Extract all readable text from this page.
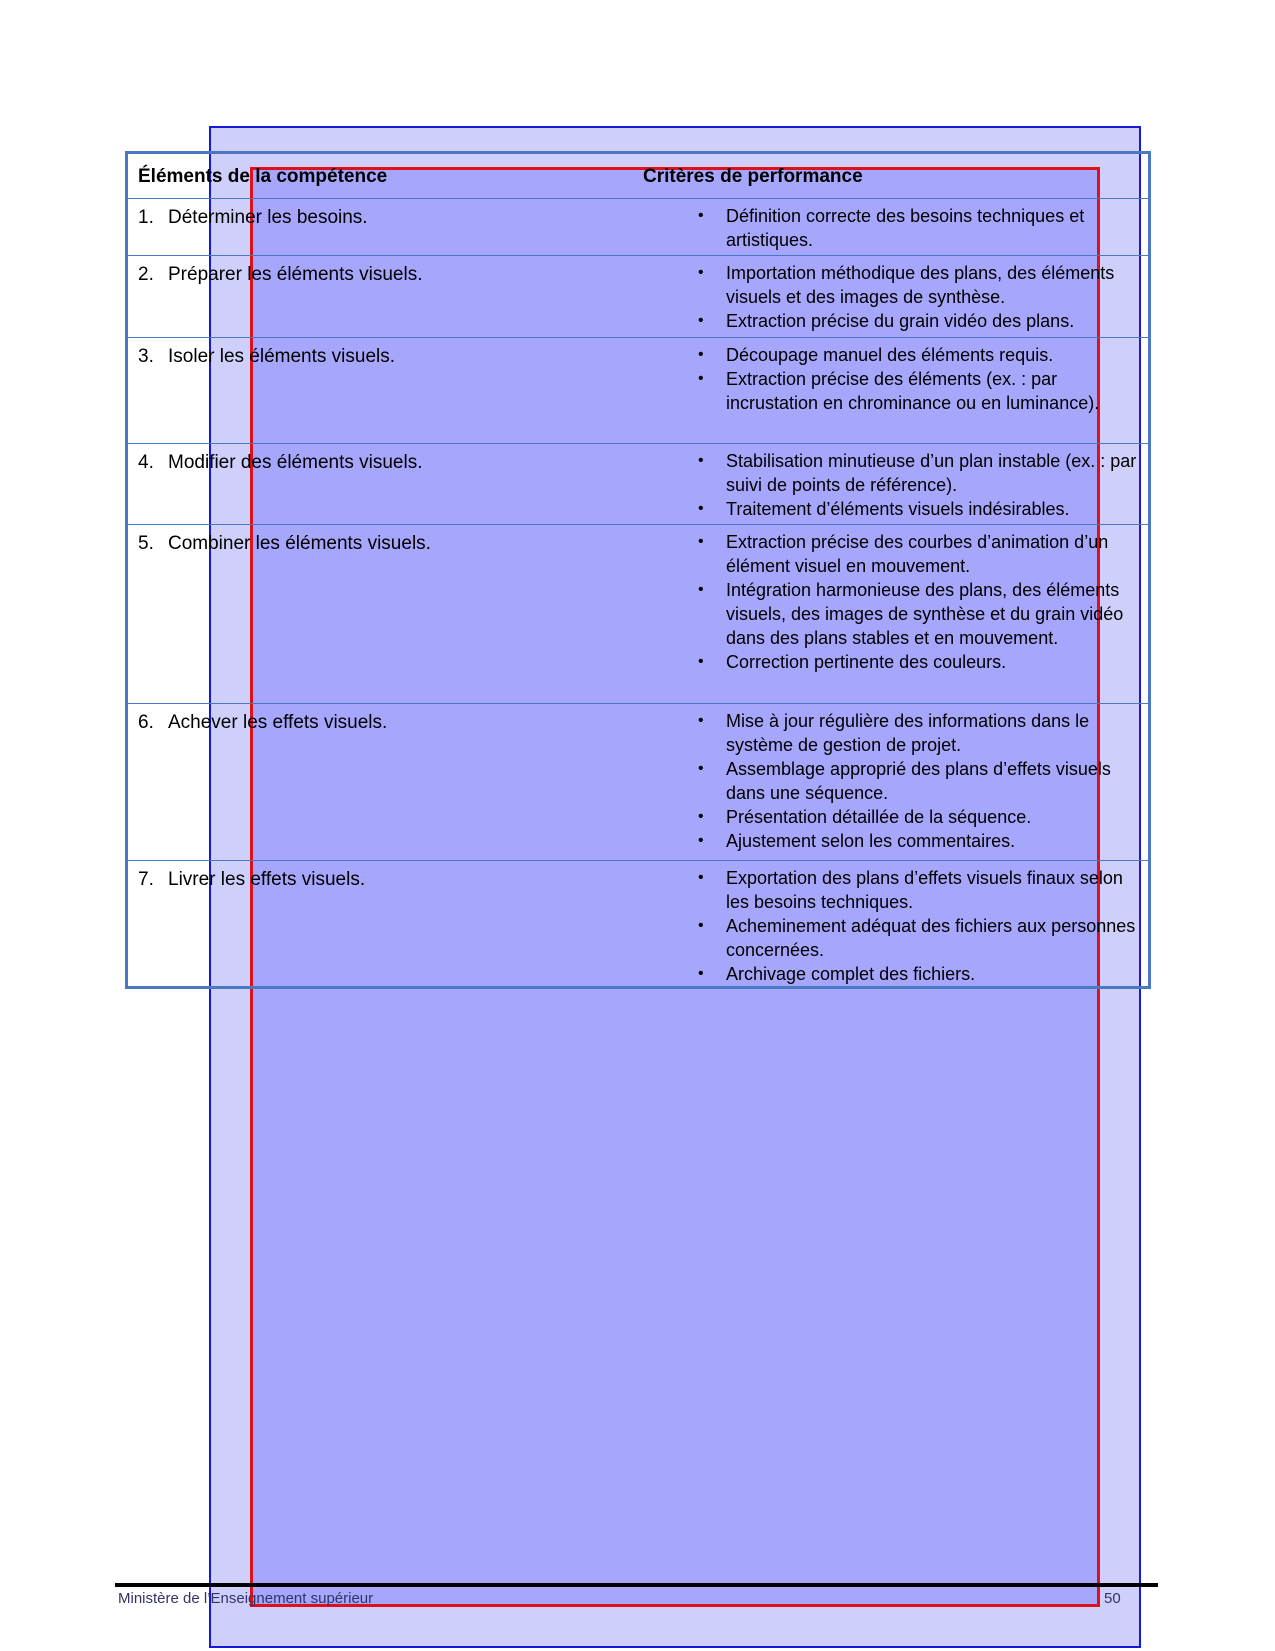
Éléments de la compétence	Critères de performance
1. Déterminer les besoins.	•	Définition correcte des besoins techniques et artistiques.
2. Préparer les éléments visuels.	•	Importation méthodique des plans, des éléments visuels et des images de synthèse.
•	Extraction précise du grain vidéo des plans.
3. Isoler les éléments visuels.	•	Découpage manuel des éléments requis.
•	Extraction précise des éléments (ex. : par incrustation en chrominance ou en luminance).
4. Modifier des éléments visuels.	•	Stabilisation minutieuse d’un plan instable (ex. : par suivi de points de référence).
•	Traitement d’éléments visuels indésirables.
5. Combiner les éléments visuels.	•	Extraction précise des courbes d’animation d’un élément visuel en mouvement.
•	Intégration harmonieuse des plans, des éléments visuels, des images de synthèse et du grain vidéo dans des plans stables et en mouvement.
•	Correction pertinente des couleurs.
6. Achever les effets visuels.	•	Mise à jour régulière des informations dans le système de gestion de projet.
•	Assemblage approprié des plans d’effets visuels dans une séquence.
•	Présentation détaillée de la séquence.
•	Ajustement selon les commentaires.
7. Livrer les effets visuels.	•	Exportation des plans d’effets visuels finaux selon les besoins techniques.
•	Acheminement adéquat des fichiers aux personnes concernées.
•	Archivage complet des fichiers.
Ministère de l’Enseignement supérieur	50
